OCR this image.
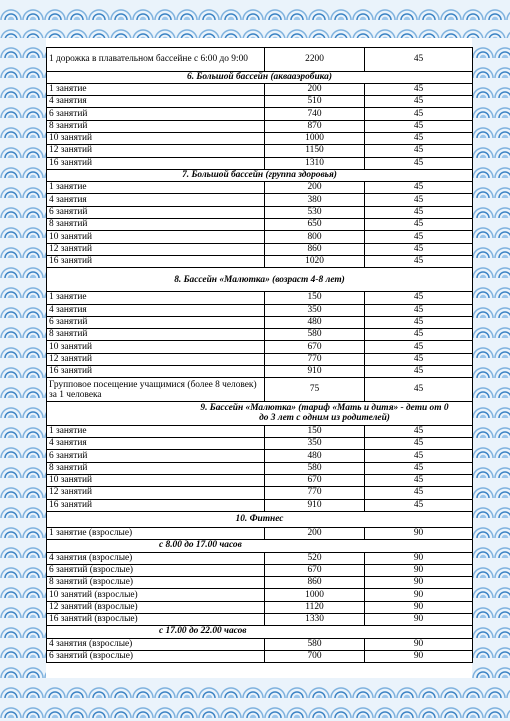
1 дорожка в плавательном бассейне с 6:00 до 9:00	2200	45
6. Большой бассейн (аквааэробика)		
1 занятие	200	45
4 занятия	510	45
6 занятий	740	45
8 занятий	870	45
10 занятий	1000	45
12 занятий	1150	45
16 занятий	1310	45
7. Большой бассейн (группа здоровья)		
1 занятие	200	45
4 занятия	380	45
6 занятий	530	45
8 занятий	650	45
10 занятий	800	45
12 занятий	860	45
16 занятий	1020	45
8. Бассейн «Малютка» (возраст 4-8 лет)		
1 занятие	150	45
4 занятия	350	45
6 занятий	480	45
8 занятий	580	45
10 занятий	670	45
12 занятий	770	45
16 занятий	910	45
Групповое посещение учащимися (более 8 человек) за 1 человека	75	45
9. Бассейн «Малютка» (тариф «Мать и дитя» - дети от 0 до 3 лет с одним из родителей)		
1 занятие	150	45
4 занятия	350	45
6 занятий	480	45
8 занятий	580	45
10 занятий	670	45
12 занятий	770	45
16 занятий	910	45
10. Фитнес		
1 занятие (взрослые)	200	90
с 8.00 до 17.00 часов		
4 занятия (взрослые)	520	90
6 занятий (взрослые)	670	90
8 занятий (взрослые)	860	90
10 занятий (взрослые)	1000	90
12 занятий (взрослые)	1120	90
16 занятий (взрослые)	1330	90
с 17.00 до 22.00 часов		
4 занятия (взрослые)	580	90
6 занятий (взрослые)	700	90
